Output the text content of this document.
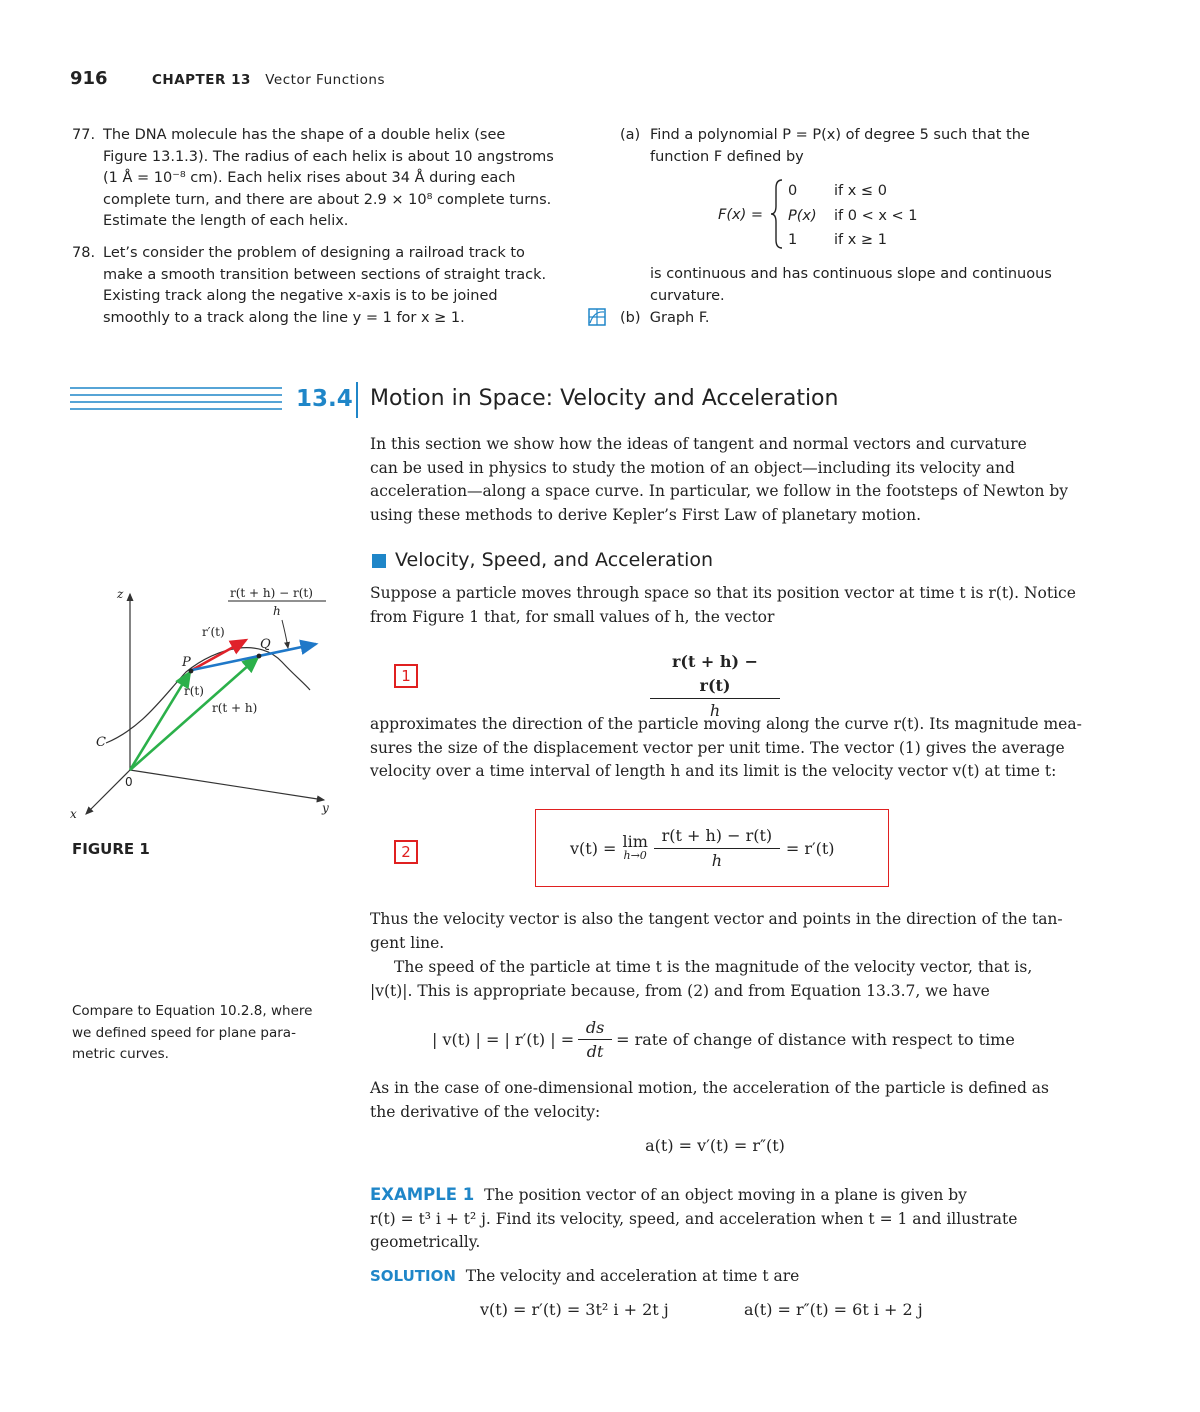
916	CHAPTER 13 Vector Functions
77. The DNA molecule has the shape of a double helix (see
Figure 13.1.3). The radius of each helix is about 10 angstroms
(1 Å = 10⁻⁸ cm). Each helix rises about 34 Å during each
complete turn, and there are about 2.9 × 10⁸ complete turns.
Estimate the length of each helix.
78. Let’s consider the problem of designing a railroad track to
make a smooth transition between sections of straight track.
Existing track along the negative x-axis is to be joined
smoothly to a track along the line y = 1 for x ≥ 1.
(a) Find a polynomial P = P(x) of degree 5 such that the
function F defined by
F(x) =
0	if x ≤ 0
P(x)	if 0 < x < 1
1	if x ≥ 1
is continuous and has continuous slope and continuous
curvature.
(b) Graph F.
13.4 Motion in Space: Velocity and Acceleration
In this section we show how the ideas of tangent and normal vectors and curvature
can be used in physics to study the motion of an object—including its velocity and
acceleration—along a space curve. In particular, we follow in the footsteps of Newton by
using these methods to derive Kepler’s First Law of planetary motion.
Velocity, Speed, and Acceleration
Suppose a particle moves through space so that its position vector at time t is r(t). Notice
from Figure 1 that, for small values of h, the vector
1	$\frac{r(t + h) - r(t)}{h}$
approximates the direction of the particle moving along the curve r(t). Its magnitude mea-
sures the size of the displacement vector per unit time. The vector (1) gives the average
velocity over a time interval of length h and its limit is the velocity vector v(t) at time t:
2	v(t) = lim
$h\to 0 \frac{r(t + h) - r(t)}{h} = r'(t)$
Thus the velocity vector is also the tangent vector and points in the direction of the tan-
gent line.
The speed of the particle at time t is the magnitude of the velocity vector, that is,
|v(t)|. This is appropriate because, from (2) and from Equation 13.3.7, we have
| v(t) | = | r′(t) | = $\frac{ds}{dt}$ = rate of change of distance with respect to time
As in the case of one-dimensional motion, the acceleration of the particle is defined as
the derivative of the velocity:
a(t) = v′(t) = r″(t)
EXAMPLE 1 The position vector of an object moving in a plane is given by
r(t) = t³ i + t² j. Find its velocity, speed, and acceleration when t = 1 and illustrate
geometrically.
SOLUTION The velocity and acceleration at time t are
v(t) = r′(t) = 3t² i + 2t j	a(t) = r″(t) = 6t i + 2 j
z
y
x
0
C
P
Q
r′(t)
r(t)
r(t + h)
r(t + h) − r(t)
h
FIGURE 1
Compare to Equation 10.2.8, where
we defined speed for plane para-
metric curves.
